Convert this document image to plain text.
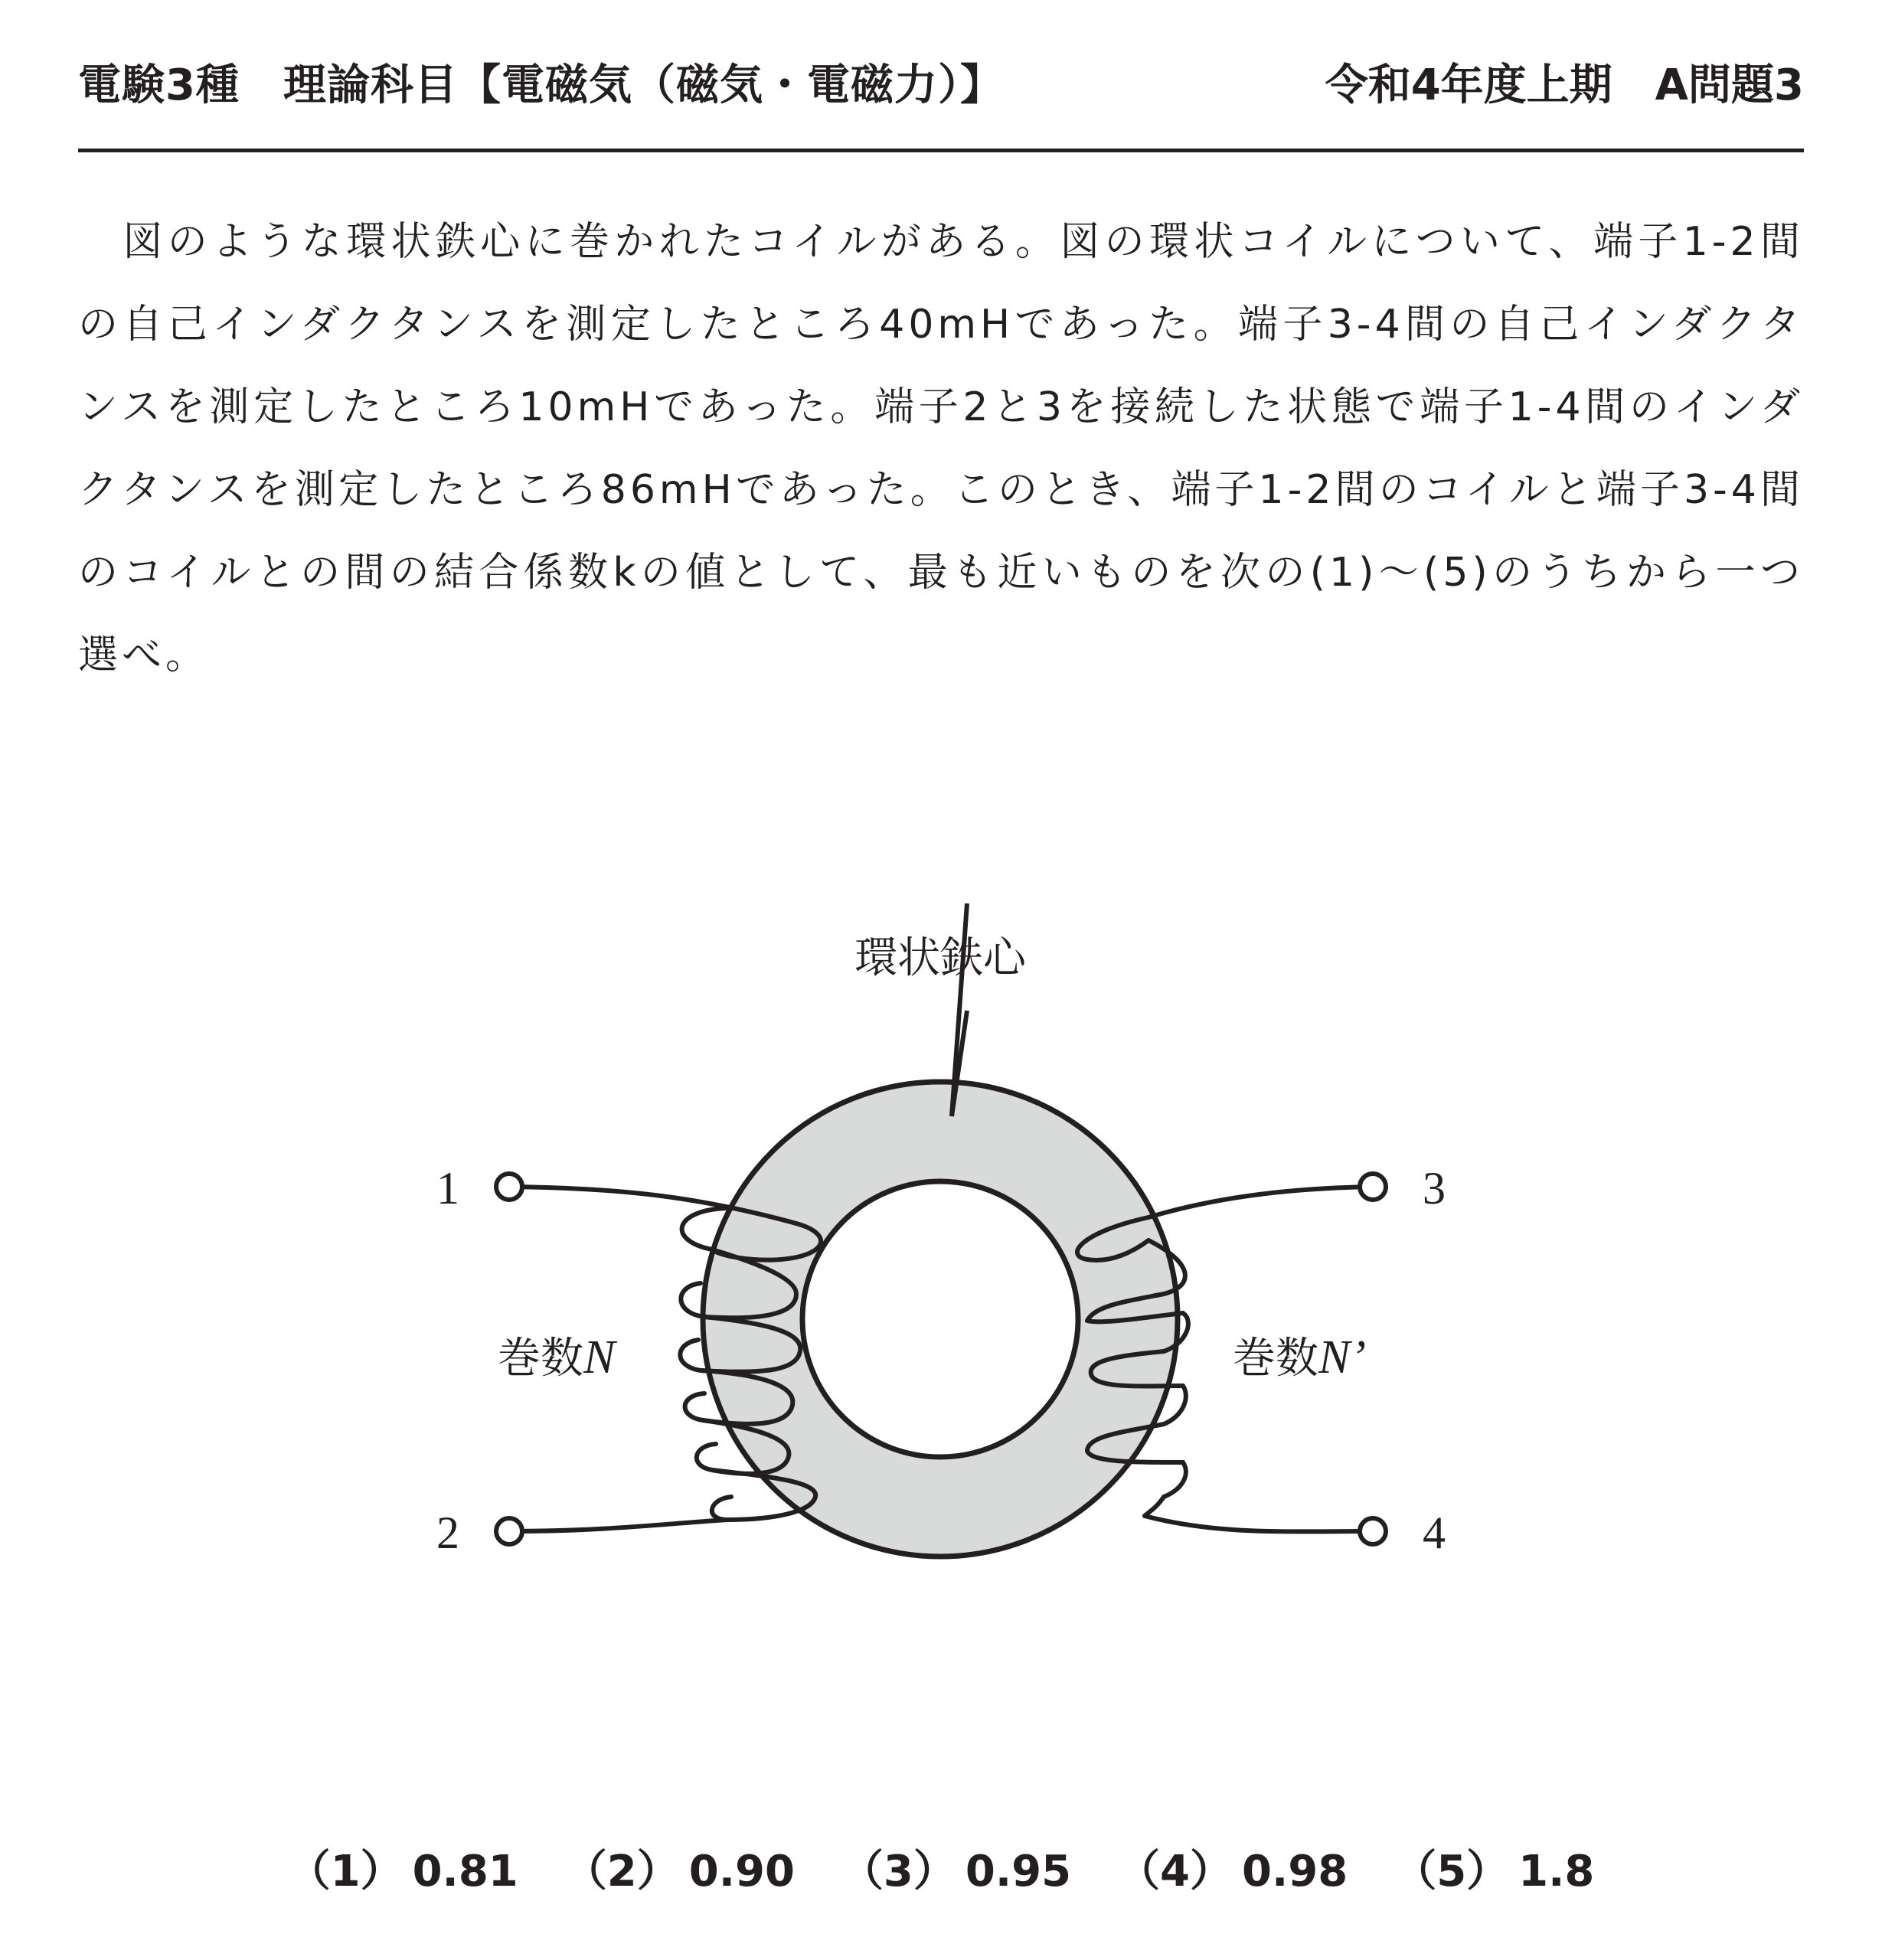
電験3種　理論科目【電磁気（磁気・電磁力）】	令和4年度上期　A問題3

　図のような環状鉄心に巻かれたコイルがある。図の環状コイルについて、端子1-2間の自己インダクタンスを測定したところ40mHであった。端子3-4間の自己インダクタンスを測定したところ10mHであった。端子2と3を接続した状態で端子1-4間のインダクタンスを測定したところ86mHであった。このとき、端子1-2間のコイルと端子3-4間のコイルとの間の結合係数kの値として、最も近いものを次の(1)～(5)のうちから一つ選べ。

環状鉄心
1
2
3
4
巻数N	巻数N’
（1） 0.81 （2） 0.90 （3） 0.95 （4） 0.98 （5） 1.8
